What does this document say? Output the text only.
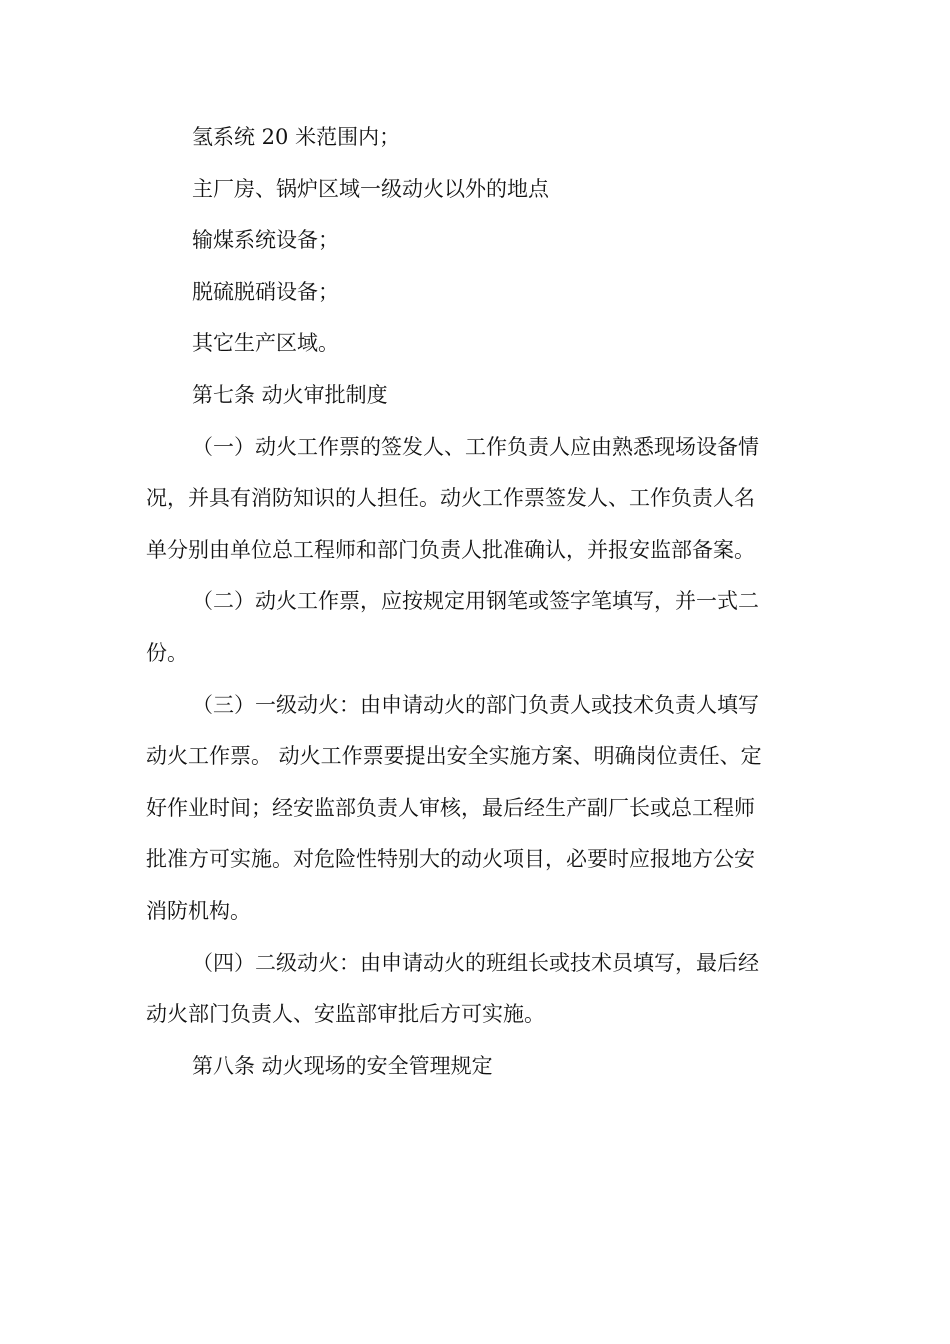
氢系统 20 米范围内；
主厂房、锅炉区域一级动火以外的地点
输煤系统设备；
脱硫脱硝设备；
其它生产区域。
第七条 动火审批制度
（一）动火工作票的签发人、工作负责人应由熟悉现场设备情
况，并具有消防知识的人担任。动火工作票签发人、工作负责人名
单分别由单位总工程师和部门负责人批准确认，并报安监部备案。
（二）动火工作票，应按规定用钢笔或签字笔填写，并一式二
份。
（三）一级动火：由申请动火的部门负责人或技术负责人填写
动火工作票。 动火工作票要提出安全实施方案、明确岗位责任、定
好作业时间；经安监部负责人审核，最后经生产副厂长或总工程师
批准方可实施。对危险性特别大的动火项目，必要时应报地方公安
消防机构。
（四）二级动火：由申请动火的班组长或技术员填写，最后经
动火部门负责人、安监部审批后方可实施。
第八条 动火现场的安全管理规定
